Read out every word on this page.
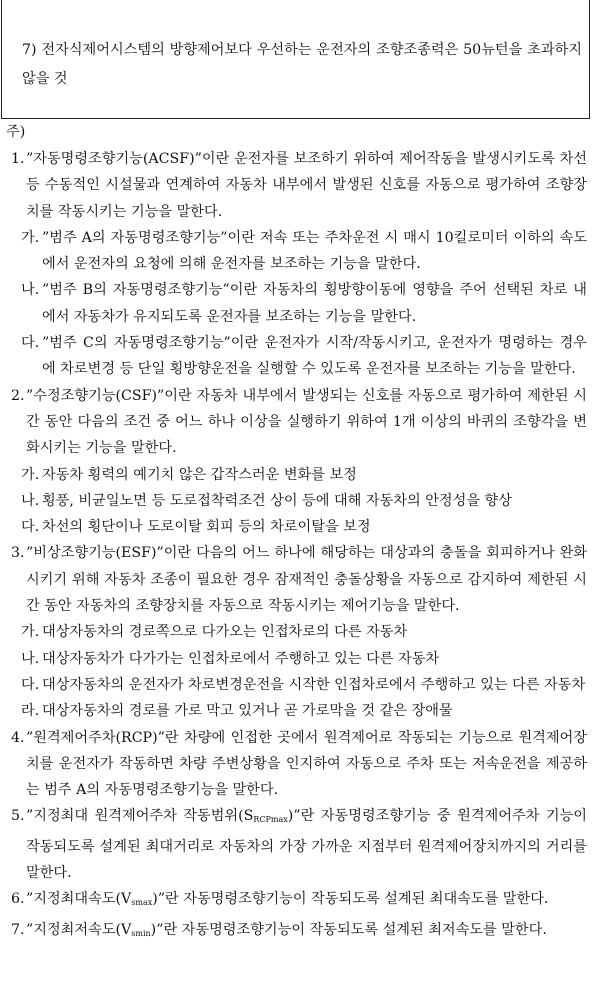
7) 전자식제어시스템의 방향제어보다 우선하는 운전자의 조향조종력은 50뉴턴을 초과하지 않을 것
주)
1. ”자동명령조향기능(ACSF)”이란 운전자를 보조하기 위하여 제어작동을 발생시키도록 차선 등 수동적인 시설물과 연계하여 자동차 내부에서 발생된 신호를 자동으로 평가하여 조향장치를 작동시키는 기능을 말한다.
가. ”범주 A의 자동명령조향기능”이란 저속 또는 주차운전 시 매시 10킬로미터 이하의 속도에서 운전자의 요청에 의해 운전자를 보조하는 기능을 말한다.
나. ”범주 B의 자동명령조향기능”이란 자동차의 횡방향이동에 영향을 주어 선택된 차로 내에서 자동차가 유지되도록 운전자를 보조하는 기능을 말한다.
다. ”범주 C의 자동명령조향기능”이란 운전자가 시작/작동시키고, 운전자가 명령하는 경우에 차로변경 등 단일 횡방향운전을 실행할 수 있도록 운전자를 보조하는 기능을 말한다.
2. ”수정조향기능(CSF)”이란 자동차 내부에서 발생되는 신호를 자동으로 평가하여 제한된 시간 동안 다음의 조건 중 어느 하나 이상을 실행하기 위하여 1개 이상의 바퀴의 조향각을 변화시키는 기능을 말한다.
가. 자동차 횡력의 예기치 않은 갑작스러운 변화를 보정
나. 횡풍, 비균일노면 등 도로접착력조건 상이 등에 대해 자동차의 안정성을 향상
다. 차선의 횡단이나 도로이탈 회피 등의 차로이탈을 보정
3. ”비상조향기능(ESF)”이란 다음의 어느 하나에 해당하는 대상과의 충돌을 회피하거나 완화시키기 위해 자동차 조종이 필요한 경우 잠재적인 충돌상황을 자동으로 감지하여 제한된 시간 동안 자동차의 조향장치를 자동으로 작동시키는 제어기능을 말한다.
가. 대상자동차의 경로쪽으로 다가오는 인접차로의 다른 자동차
나. 대상자동차가 다가가는 인접차로에서 주행하고 있는 다른 자동차
다. 대상자동차의 운전자가 차로변경운전을 시작한 인접차로에서 주행하고 있는 다른 자동차
라. 대상자동차의 경로를 가로 막고 있거나 곧 가로막을 것 같은 장애물
4. ”원격제어주차(RCP)”란 차량에 인접한 곳에서 원격제어로 작동되는 기능으로 원격제어장치를 운전자가 작동하면 차량 주변상황을 인지하여 자동으로 주차 또는 저속운전을 제공하는 범주 A의 자동명령조향기능을 말한다.
5. ”지정최대 원격제어주차 작동범위$(S_{RCPmax})$”란 자동명령조향기능 중 원격제어주차 기능이 작동되도록 설계된 최대거리로 자동차의 가장 가까운 지점부터 원격제어장치까지의 거리를 말한다.
6. ”지정최대속도$(V_{smax})$”란 자동명령조향기능이 작동되도록 설계된 최대속도를 말한다.
7. ”지정최저속도$(V_{smin})$”란 자동명령조향기능이 작동되도록 설계된 최저속도를 말한다.
